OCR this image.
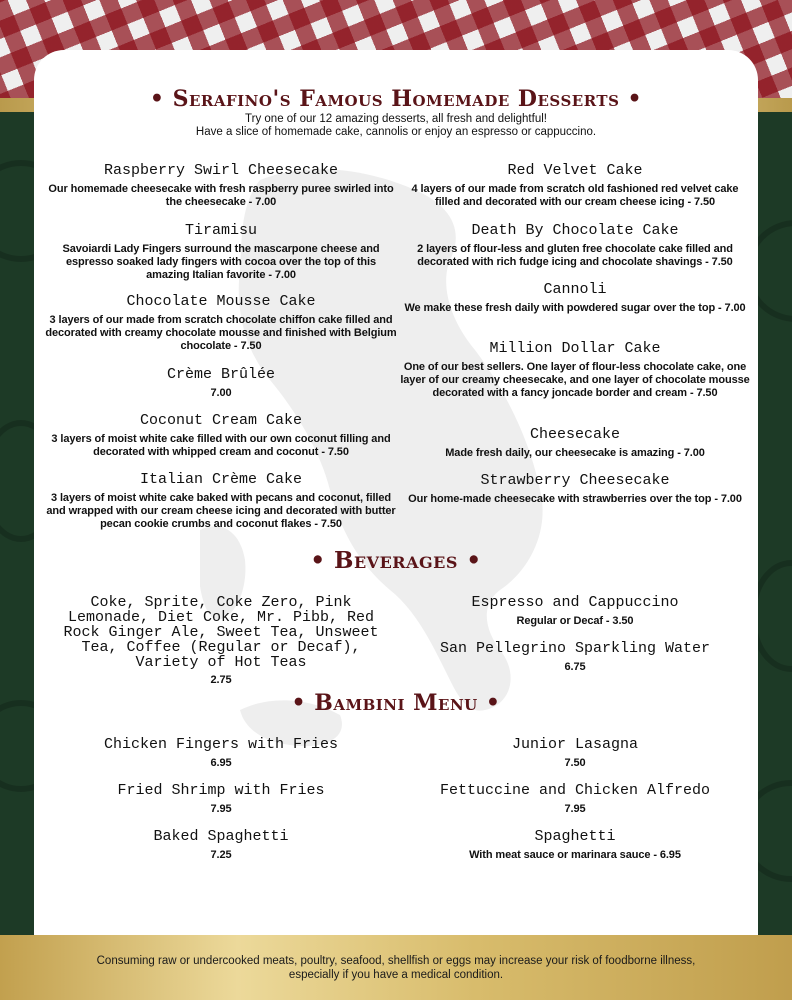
• Serafino's Famous Homemade Desserts •
Try one of our 12 amazing desserts, all fresh and delightful!
Have a slice of homemade cake, cannolis or enjoy an espresso or cappuccino.
Raspberry Swirl Cheesecake
Our homemade cheesecake with fresh raspberry puree swirled into the cheesecake - 7.00
Tiramisu
Savoiardi Lady Fingers surround the mascarpone cheese and espresso soaked lady fingers with cocoa over the top of this amazing Italian favorite - 7.00
Chocolate Mousse Cake
3 layers of our made from scratch chocolate chiffon cake filled and decorated with creamy chocolate mousse and finished with Belgium chocolate - 7.50
Crème Brûlée
7.00
Coconut Cream Cake
3 layers of moist white cake filled with our own coconut filling and decorated with whipped cream and coconut - 7.50
Italian Crème Cake
3 layers of moist white cake baked with pecans and coconut, filled and wrapped with our cream cheese icing and decorated with butter pecan cookie crumbs and coconut flakes - 7.50
Red Velvet Cake
4 layers of our made from scratch old fashioned red velvet cake filled and decorated with our cream cheese icing - 7.50
Death By Chocolate Cake
2 layers of flour-less and gluten free chocolate cake filled and decorated with rich fudge icing and chocolate shavings - 7.50
Cannoli
We make these fresh daily with powdered sugar over the top - 7.00
Million Dollar Cake
One of our best sellers. One layer of flour-less chocolate cake, one layer of our creamy cheesecake, and one layer of chocolate mousse decorated with a fancy joncade border and cream - 7.50
Cheesecake
Made fresh daily, our cheesecake is amazing - 7.00
Strawberry Cheesecake
Our home-made cheesecake with strawberries over the top - 7.00
• Beverages •
Coke, Sprite, Coke Zero, Pink Lemonade, Diet Coke, Mr. Pibb, Red Rock Ginger Ale, Sweet Tea, Unsweet Tea, Coffee (Regular or Decaf), Variety of Hot Teas
2.75
Espresso and Cappuccino
Regular or Decaf - 3.50
San Pellegrino Sparkling Water
6.75
• Bambini Menu •
Chicken Fingers with Fries
6.95
Fried Shrimp with Fries
7.95
Baked Spaghetti
7.25
Junior Lasagna
7.50
Fettuccine and Chicken Alfredo
7.95
Spaghetti
With meat sauce or marinara sauce - 6.95

Consuming raw or undercooked meats, poultry, seafood, shellfish or eggs may increase your risk of foodborne illness, especially if you have a medical condition.
